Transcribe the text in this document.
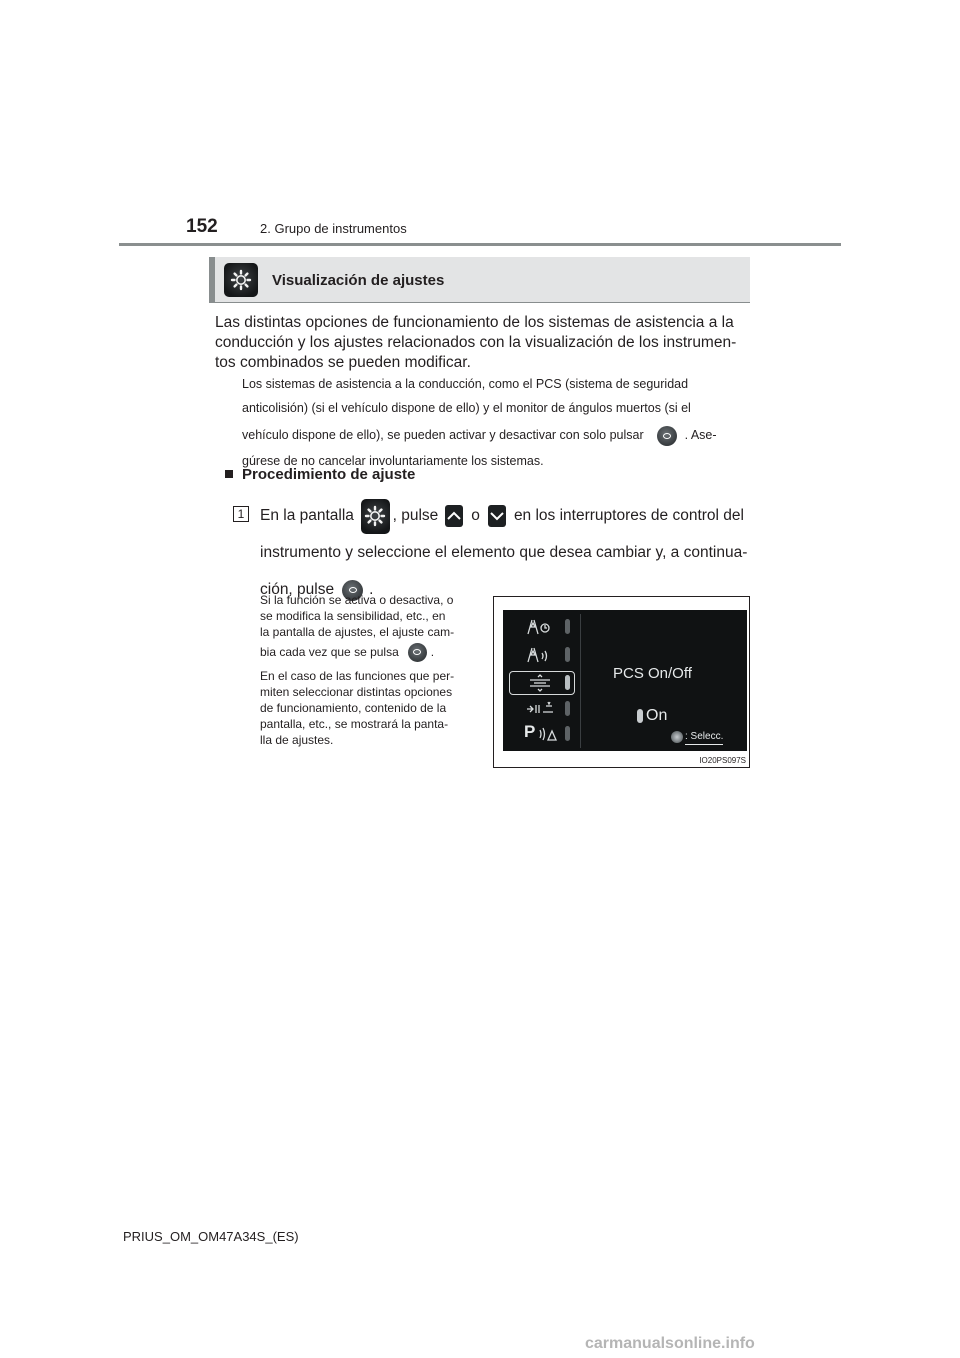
152	2. Grupo de instrumentos
Visualización de ajustes
Las distintas opciones de funcionamiento de los sistemas de asistencia a la
conducción y los ajustes relacionados con la visualización de los instrumen-
tos combinados se pueden modificar.
Los sistemas de asistencia a la conducción, como el PCS (sistema de seguridad
anticolisión) (si el vehículo dispone de ello) y el monitor de ángulos muertos (si el
vehículo dispone de ello), se pueden activar y desactivar con solo pulsar	. Ase-
gúrese de no cancelar involuntariamente los sistemas.
Procedimiento de ajuste
1	En la pantalla , pulse o en los interruptores de control del
instrumento y seleccione el elemento que desea cambiar y, a continua-
ción, pulse .
Si la función se activa o desactiva, o
se modifica la sensibilidad, etc., en
la pantalla de ajustes, el ajuste cam-
bia cada vez que se pulsa	.
En el caso de las funciones que per-
miten seleccionar distintas opciones
de funcionamiento, contenido de la
pantalla, etc., se mostrará la panta-
lla de ajustes.	P
PCS On/Off
On
: Selecc.
IO20PS097S
PRIUS_OM_OM47A34S_(ES)
carmanualsonline.info
